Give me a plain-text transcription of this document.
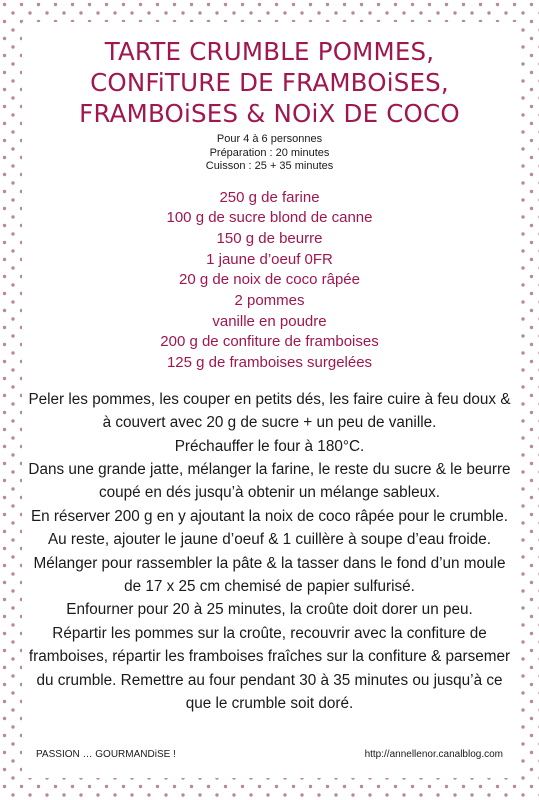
TARTE CRUMBLE POMMES,
CONFiTURE DE FRAMBOiSES,
FRAMBOiSES & NOiX DE COCO
Pour 4 à 6 personnes
Préparation : 20 minutes
Cuisson : 25 + 35 minutes
250 g de farine
100 g de sucre blond de canne
150 g de beurre
1 jaune d’oeuf 0FR
20 g de noix de coco râpée
2 pommes
vanille en poudre
200 g de confiture de framboises
125 g de framboises surgelées

Peler les pommes, les couper en petits dés, les faire cuire à feu doux & à couvert avec 20 g de sucre + un peu de vanille.

Préchauffer le four à 180°C.

Dans une grande jatte, mélanger la farine, le reste du sucre & le beurre coupé en dés jusqu’à obtenir un mélange sableux.

En réserver 200 g en y ajoutant la noix de coco râpée pour le crumble. Au reste, ajouter le jaune d’oeuf & 1 cuillère à soupe d’eau froide. Mélanger pour rassembler la pâte & la tasser dans le fond d’un moule de 17 x 25 cm chemisé de papier sulfurisé.

Enfourner pour 20 à 25 minutes, la croûte doit dorer un peu.

Répartir les pommes sur la croûte, recouvrir avec la confiture de framboises, répartir les framboises fraîches sur la confiture & parsemer du crumble. Remettre au four pendant 30 à 35 minutes ou jusqu’à ce que le crumble soit doré.

PASSION … GOURMANDiSE !	http://annellenor.canalblog.com
